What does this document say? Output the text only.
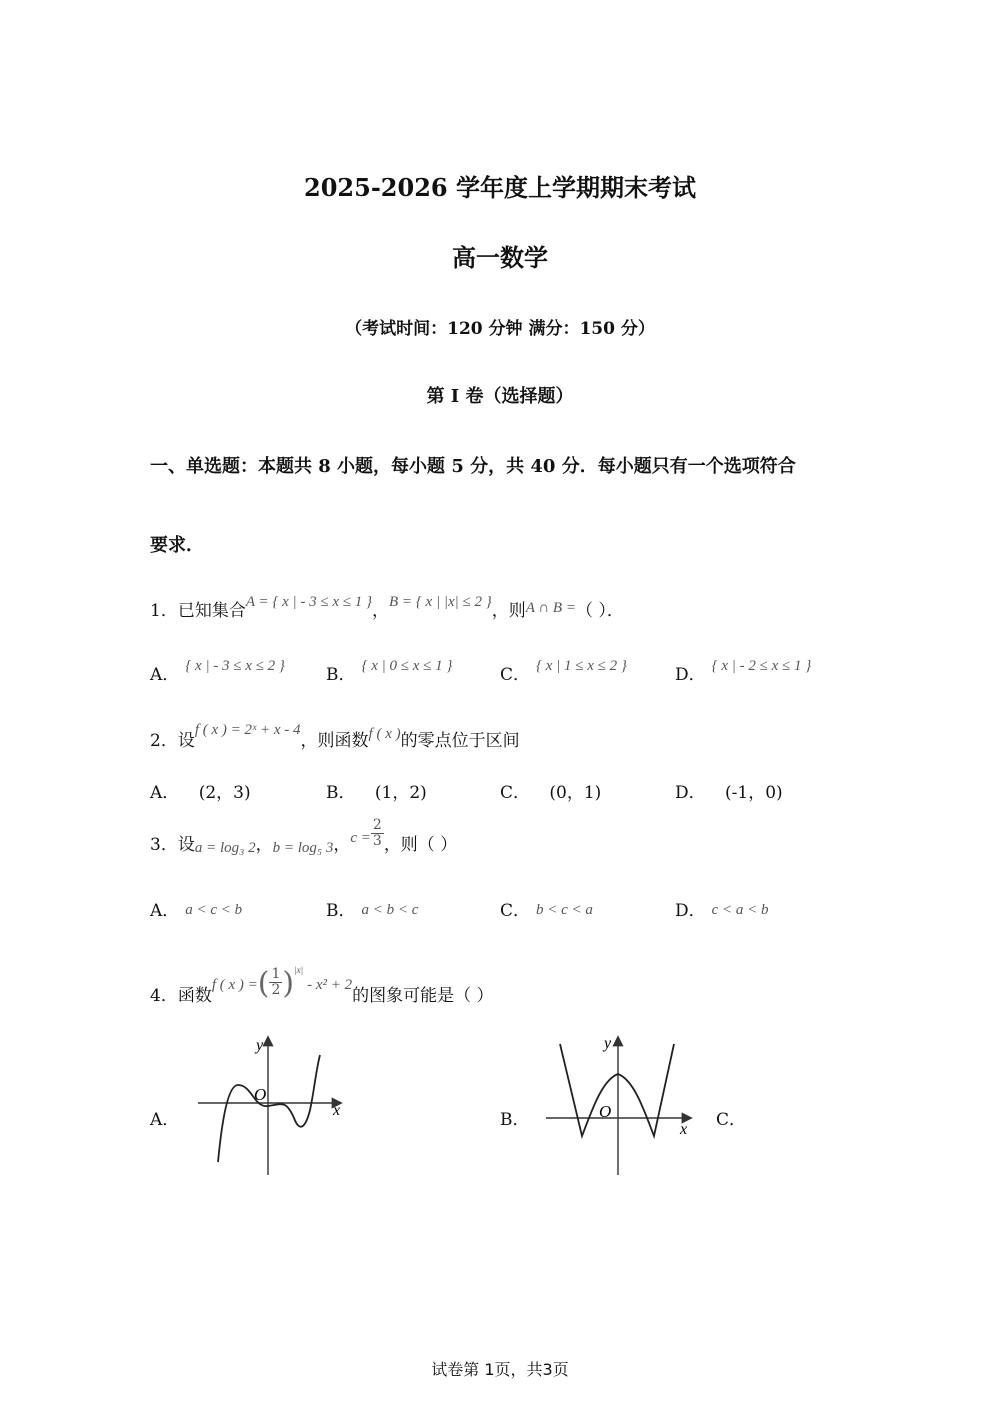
2025-2026 学年度上学期期末考试
高一数学
（考试时间：120 分钟 满分：150 分）
第 I 卷（选择题）
一、单选题：本题共 8 小题，每小题 5 分，共 40 分．每小题只有一个选项符合
要求．
1．已知集合A = { x | - 3 ≤ x ≤ 1 }，B = { x | |x| ≤ 2 }，则A ∩ B =（ ）．
A． { x | - 3 ≤ x ≤ 2 } B． { x | 0 ≤ x ≤ 1 }	C． { x | 1 ≤ x ≤ 2 }	D． { x | - 2 ≤ x ≤ 1 }
2．设f ( x ) = 2ˣ + x - 4，则函数f ( x )的零点位于区间
A． (2，3)	B． (1，2)	C． (0，1)	D． (-1，0)
3．设a = log₃ 2，b = log₅ 3，$c = \frac{2}{3}$ ，则（ ）
A． a < c < b	B． a < b < c	C． b < c < a	D． c < a < b
4．函数f ( x ) =( $\frac{1}{2} )^{|x|}-$ x² + 2的图象可能是（ ）
A．
O
x
y
B．	O
x
y
C．
试卷第 1页，共3页
